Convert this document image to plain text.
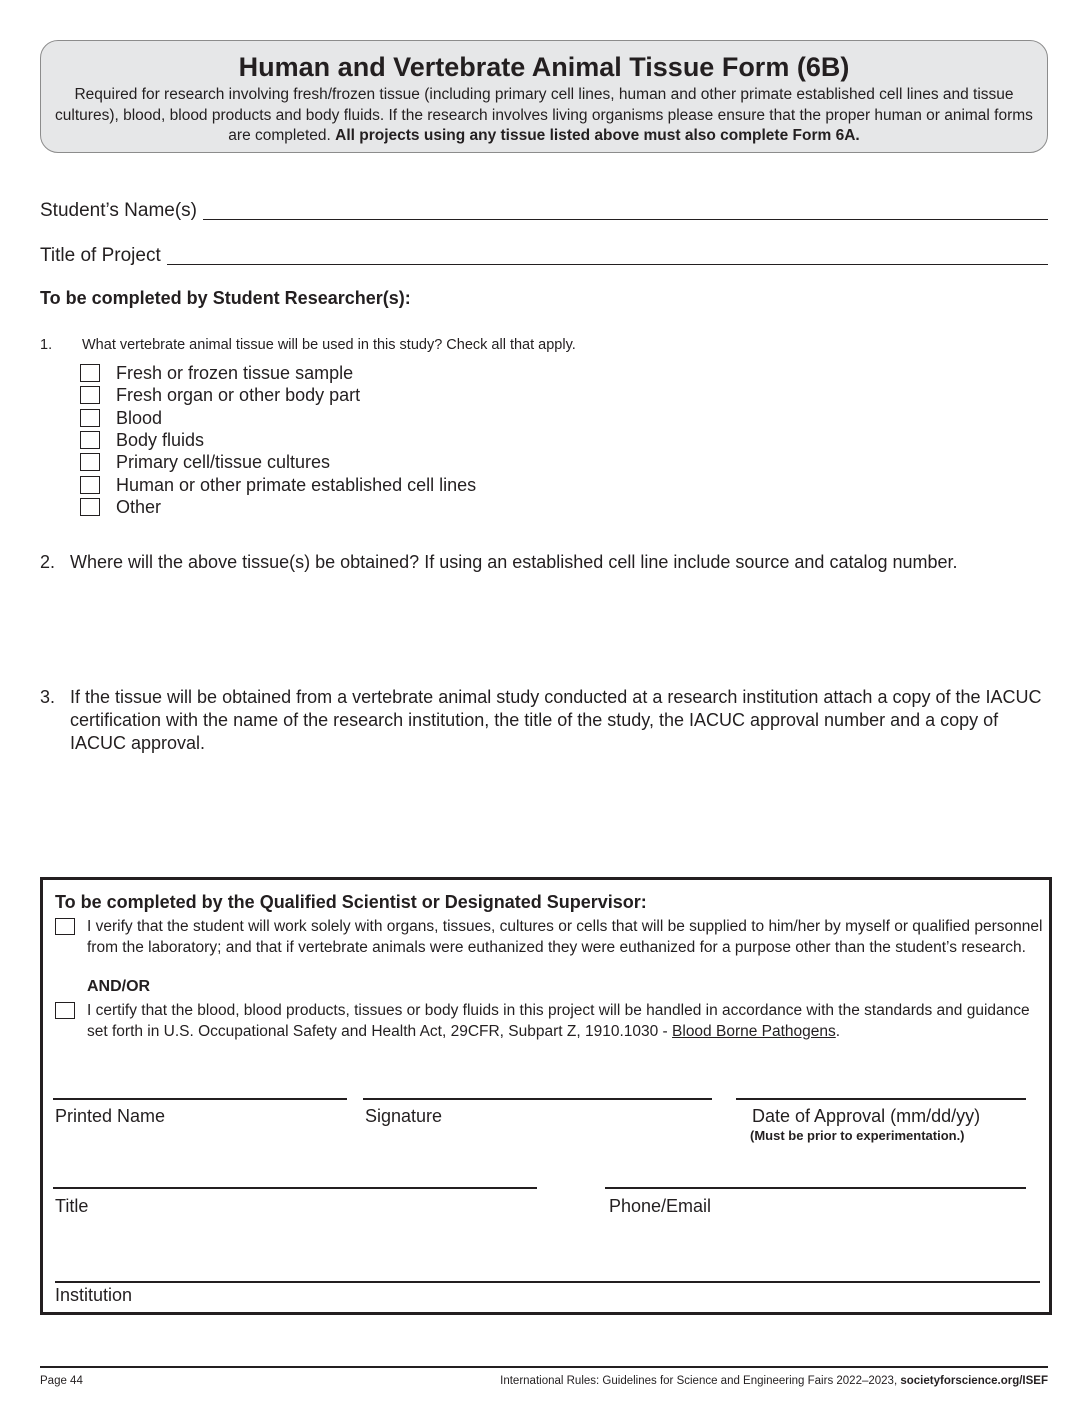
Human and Vertebrate Animal Tissue Form (6B)
Required for research involving fresh/frozen tissue (including primary cell lines, human and other primate established cell lines and tissue cultures), blood, blood products and body fluids. If the research involves living organisms please ensure that the proper human or animal forms are completed. All projects using any tissue listed above must also complete Form 6A.
Student’s Name(s)
Title of Project
To be completed by Student Researcher(s):
1. What vertebrate animal tissue will be used in this study? Check all that apply.
Fresh or frozen tissue sample
Fresh organ or other body part
Blood
Body fluids
Primary cell/tissue cultures
Human or other primate established cell lines
Other
2. Where will the above tissue(s) be obtained? If using an established cell line include source and catalog number.
3. If the tissue will be obtained from a vertebrate animal study conducted at a research institution attach a copy of the IACUC certification with the name of the research institution, the title of the study, the IACUC approval number and a copy of IACUC approval.
To be completed by the Qualified Scientist or Designated Supervisor:
I verify that the student will work solely with organs, tissues, cultures or cells that will be supplied to him/her by myself or qualified personnel from the laboratory; and that if vertebrate animals were euthanized they were euthanized for a purpose other than the student’s research.
AND/OR
I certify that the blood, blood products, tissues or body fluids in this project will be handled in accordance with the standards and guidance set forth in U.S. Occupational Safety and Health Act, 29CFR, Subpart Z, 1910.1030 - Blood Borne Pathogens.
Printed Name	Signature	Date of Approval (mm/dd/yy)
(Must be prior to experimentation.)
Title	Phone/Email
Institution
Page 44	International Rules: Guidelines for Science and Engineering Fairs 2022–2023, societyforscience.org/ISEF
